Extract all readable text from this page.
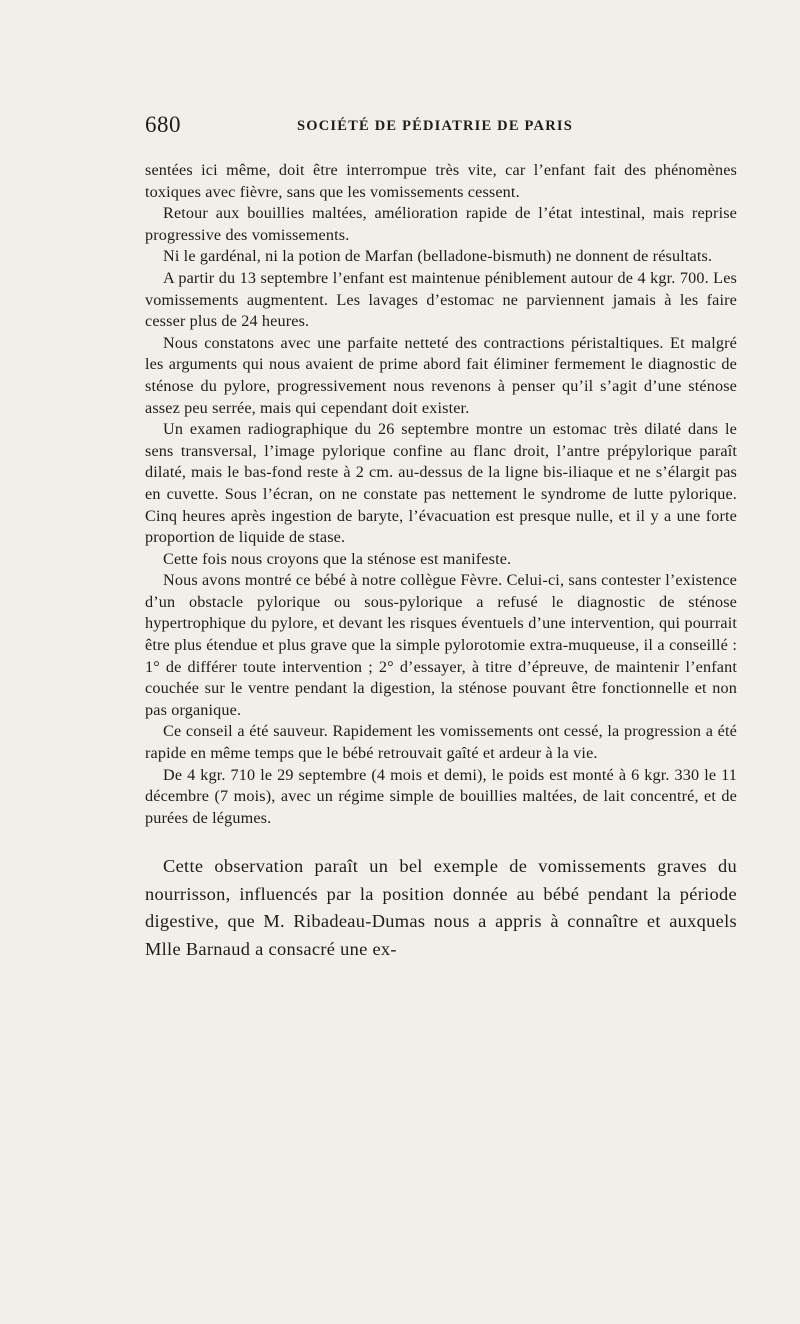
680	SOCIÉTÉ DE PÉDIATRIE DE PARIS

sentées ici même, doit être interrompue très vite, car l’enfant fait des phénomènes toxiques avec fièvre, sans que les vomissements cessent.

Retour aux bouillies maltées, amélioration rapide de l’état intestinal, mais reprise progressive des vomissements.

Ni le gardénal, ni la potion de Marfan (belladone-bismuth) ne donnent de résultats.

A partir du 13 septembre l’enfant est maintenue péniblement autour de 4 kgr. 700. Les vomissements augmentent. Les lavages d’estomac ne parviennent jamais à les faire cesser plus de 24 heures.

Nous constatons avec une parfaite netteté des contractions péristaltiques. Et malgré les arguments qui nous avaient de prime abord fait éliminer fermement le diagnostic de sténose du pylore, progressivement nous revenons à penser qu’il s’agit d’une sténose assez peu serrée, mais qui cependant doit exister.

Un examen radiographique du 26 septembre montre un estomac très dilaté dans le sens transversal, l’image pylorique confine au flanc droit, l’antre prépylorique paraît dilaté, mais le bas-fond reste à 2 cm. au-dessus de la ligne bis-iliaque et ne s’élargit pas en cuvette. Sous l’écran, on ne constate pas nettement le syndrome de lutte pylorique. Cinq heures après ingestion de baryte, l’évacuation est presque nulle, et il y a une forte proportion de liquide de stase.

Cette fois nous croyons que la sténose est manifeste.

Nous avons montré ce bébé à notre collègue Fèvre. Celui-ci, sans contester l’existence d’un obstacle pylorique ou sous-pylorique a refusé le diagnostic de sténose hypertrophique du pylore, et devant les risques éventuels d’une intervention, qui pourrait être plus étendue et plus grave que la simple pylorotomie extra-muqueuse, il a conseillé : 1° de différer toute intervention ; 2° d’essayer, à titre d’épreuve, de maintenir l’enfant couchée sur le ventre pendant la digestion, la sténose pouvant être fonctionnelle et non pas organique.

Ce conseil a été sauveur. Rapidement les vomissements ont cessé, la progression a été rapide en même temps que le bébé retrouvait gaîté et ardeur à la vie.

De 4 kgr. 710 le 29 septembre (4 mois et demi), le poids est monté à 6 kgr. 330 le 11 décembre (7 mois), avec un régime simple de bouillies maltées, de lait concentré, et de purées de légumes.

Cette observation paraît un bel exemple de vomissements graves du nourrisson, influencés par la position donnée au bébé pendant la période digestive, que M. Ribadeau-Dumas nous a appris à connaître et auxquels Mlle Barnaud a consacré une ex-
